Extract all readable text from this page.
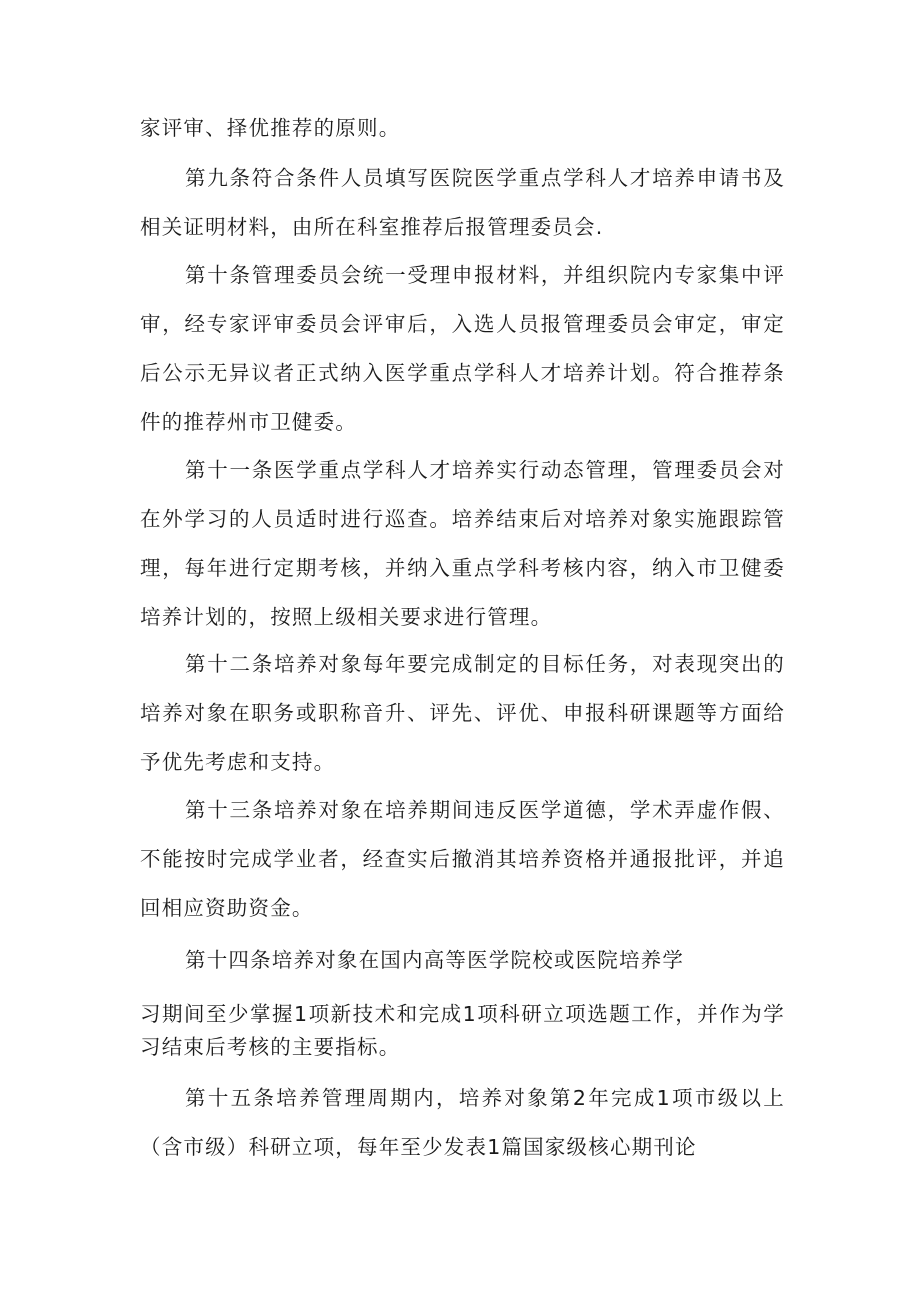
家评审、择优推荐的原则。

第九条符合条件人员填写医院医学重点学科人才培养申请书及相关证明材料，由所在科室推荐后报管理委员会.

第十条管理委员会统一受理申报材料，并组织院内专家集中评审，经专家评审委员会评审后，入选人员报管理委员会审定，审定后公示无异议者正式纳入医学重点学科人才培养计划。符合推荐条件的推荐州市卫健委。

第十一条医学重点学科人才培养实行动态管理，管理委员会对在外学习的人员适时进行巡查。培养结束后对培养对象实施跟踪管理，每年进行定期考核，并纳入重点学科考核内容，纳入市卫健委培养计划的，按照上级相关要求进行管理。

第十二条培养对象每年要完成制定的目标任务，对表现突出的培养对象在职务或职称音升、评先、评优、申报科研课题等方面给予优先考虑和支持。

第十三条培养对象在培养期间违反医学道德，学术弄虚作假、不能按时完成学业者，经查实后撤消其培养资格并通报批评，并追回相应资助资金。

第十四条培养对象在国内高等医学院校或医院培养学

习期间至少掌握1项新技术和完成1项科研立项选题工作，并作为学习结束后考核的主要指标。

第十五条培养管理周期内，培养对象第2年完成1项市级以上（含市级）科研立项，每年至少发表1篇国家级核心期刊论
